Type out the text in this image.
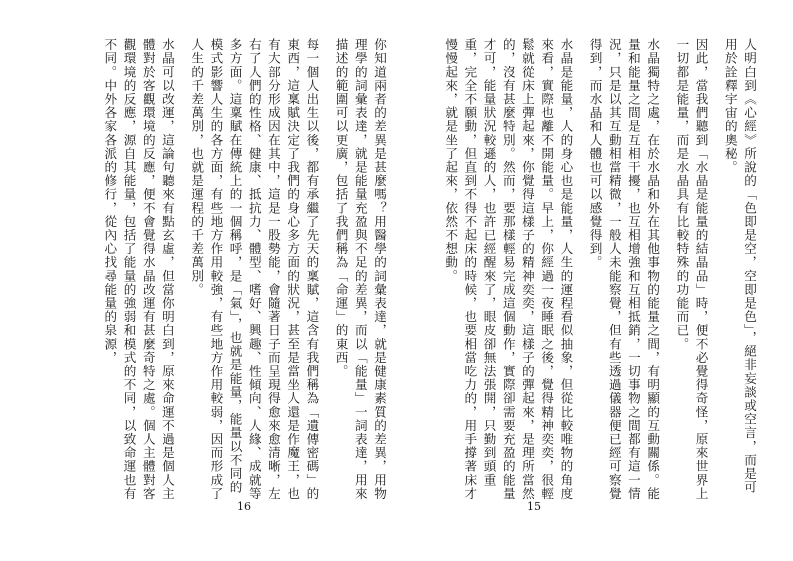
你知道兩者的差異是甚麼嗎？用醫學的詞彙表達，就是健康素質的差異，用物理學的詞彙表達，就是能量充盈與不足的差異，而以「能量」一詞表達，用來描述的範圍可以更廣，包括了我們稱為「命運」的東西。

每一個人出生以後，都有承繼了先天的稟賦，這含有我們稱為「遺傳密碼」的東西，這稟賦決定了我們的身心多方面的狀況，甚至是當坐人還是作魔王，也有大部分形成因在其中，這是一股勢能，會隨著日子而呈現得愈來愈清晰，左右了人們的性格、健康、抵抗力、體型、嗜好、興趣、性傾向、人緣、成就等多方面。這稟賦在傳統上的一個稱呼，是「氣」，也就是能量，能量以不同的模式影響人生的各方面，有些地方作用較強，有些地方作用較弱，因而形成了人生的千差萬別，也就是運程的千差萬別。

水晶可以改運，這論句聽來有點玄虛，但當你明白到，原來命運不過是個人主體對於客觀環境的反應，便不會覺得水晶改運有甚麼奇特之處。個人主體對客觀環境的反應，源自其能量，包括了能量的強弱和模式的不同，以致命運也有不同。中外各家各派的修行，從內心找尋能量的泉源，

16

人明白到《心經》所說的「色即是空，空即是色」，絕非妄談或空言，而是可用於詮釋宇宙的奧秘。

因此，當我們聽到「水晶是能量的結晶品」時，便不必覺得奇怪，原來世界上一切都是能量，而是水晶具有比較特殊的功能而已。

水晶獨特之處，在於水晶和外在其他事物的能量之間，有明顯的互動關係。能量和能量之間是互相干擾，也互相增強和互相抵銷，一切事物之間都有這一情況，只是以其互動相當精微，一般人未能察覺，但有些透過儀器便已經可察覺得到，而水晶和人體也可以感覺得到。

水晶是能量，人的身心也是能量，人生的運程看似抽象，但從比較唯物的角度來看，實際也離不開能量。早上，你經過一夜睡眠之後，覺得精神奕奕，很輕鬆就從床上彈起來，你覺得這樣子的精神奕奕，這樣子的彈起來，是理所當然的，沒有甚麼特別。然而，要那樣輕易完成這個動作，實際卻需要充盈的能量才可，能量狀況較遜的人，也許已經醒來了，眼皮卻無法張開，只勤到頭重重，完全不願動，但直到不得不起床的時候，也要相當吃力的，用手撐著床才慢慢起來，就是坐了起來，依然不想動。

15
